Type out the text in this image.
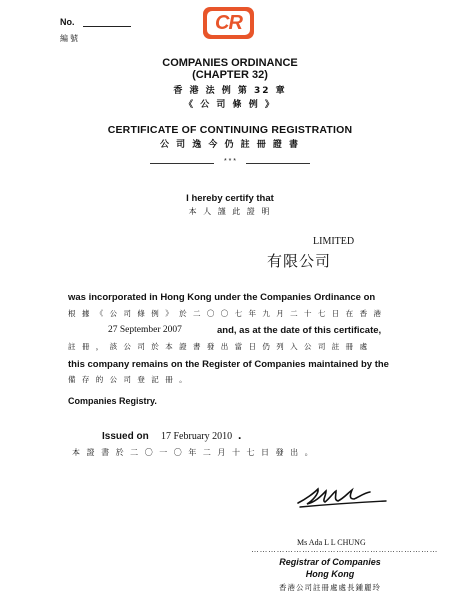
No.
編號
CR
COMPANIES ORDINANCE
(CHAPTER 32)
香 港 法 例 第 32 章
《 公 司 條 例 》
CERTIFICATE OF CONTINUING REGISTRATION
公 司 逸 今 仍 註 冊 證 書
* * *
I hereby certify that
本 人 謹 此 證 明
LIMITED
有限公司
was incorporated in Hong Kong under the Companies Ordinance on
根 據 《 公 司 條 例 》 於 二 〇 〇 七 年 九 月 二 十 七 日 在 香 港
27 September 2007	and, as at the date of this certificate,
註 冊 ， 該 公 司 於 本 證 書 發 出 當 日 仍 列 入 公 司 註 冊 處
this company remains on the Register of Companies maintained by the
備 存 的 公 司 登 記 冊 。
Companies Registry.
Issued on 17 February 2010 .
本 證 書 於 二 〇 一 〇 年 二 月 十 七 日 發 出 。
Ms Ada L L CHUNG
…………………………………………………………
Registrar of Companies
Hong Kong
香港公司註冊處處長鍾麗玲
